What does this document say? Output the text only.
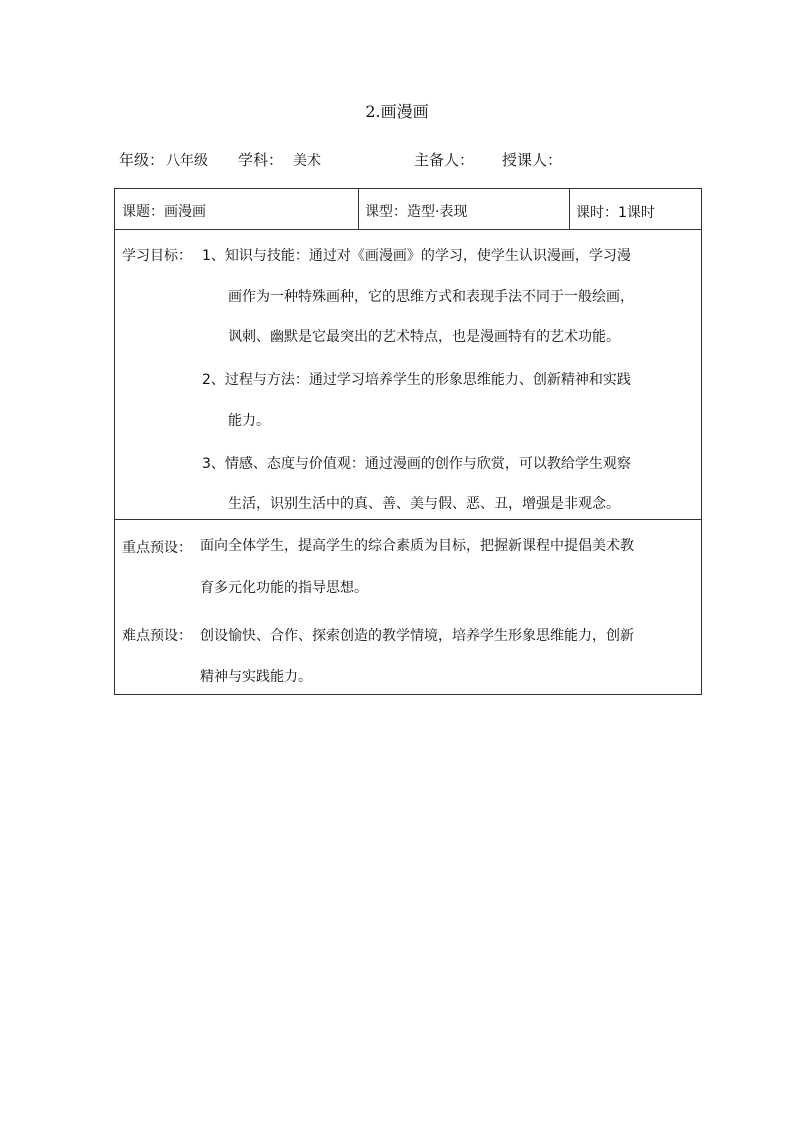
2.画漫画
年级： 八年级 学科： 美术	主备人： 授课人：
课题：画漫画	课型：造型·表现	课时：1课时
学习目标： 1、知识与技能：通过对《画漫画》的学习，使学生认识漫画，学习漫
画作为一种特殊画种，它的思维方式和表现手法不同于一般绘画，
讽刺、幽默是它最突出的艺术特点，也是漫画特有的艺术功能。
2、过程与方法：通过学习培养学生的形象思维能力、创新精神和实践
能力。
3、情感、态度与价值观：通过漫画的创作与欣赏，可以教给学生观察
生活，识别生活中的真、善、美与假、恶、丑，增强是非观念。
重点预设： 面向全体学生，提高学生的综合素质为目标，把握新课程中提倡美术教
育多元化功能的指导思想。
难点预设： 创设愉快、合作、探索创造的教学情境，培养学生形象思维能力，创新
精神与实践能力。
